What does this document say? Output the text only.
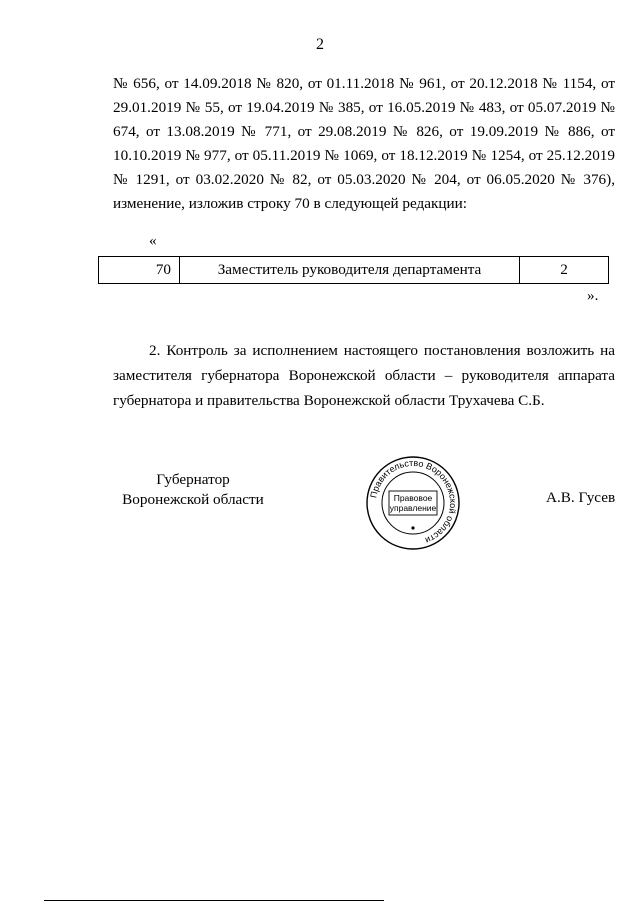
2

№ 656, от 14.09.2018 № 820, от 01.11.2018 № 961, от 20.12.2018 № 1154, от 29.01.2019 № 55, от 19.04.2019 № 385, от 16.05.2019 № 483, от 05.07.2019 № 674, от 13.08.2019 № 771, от 29.08.2019 № 826, от 19.09.2019 № 886, от 10.10.2019 № 977, от 05.11.2019 № 1069, от 18.12.2019 № 1254, от 25.12.2019 № 1291, от 03.02.2020 № 82, от 05.03.2020 № 204, от 06.05.2020 № 376), изменение, изложив строку 70 в следующей редакции:

«
70	Заместитель руководителя департамента	2
».

2. Контроль за исполнением настоящего постановления возложить на заместителя губернатора Воронежской области – руководителя аппарата губернатора и правительства Воронежской области Трухачева С.Б.

Губернатор
Воронежской области	Правительство Воронежской области
Правовое
управление
А.В. Гусев
